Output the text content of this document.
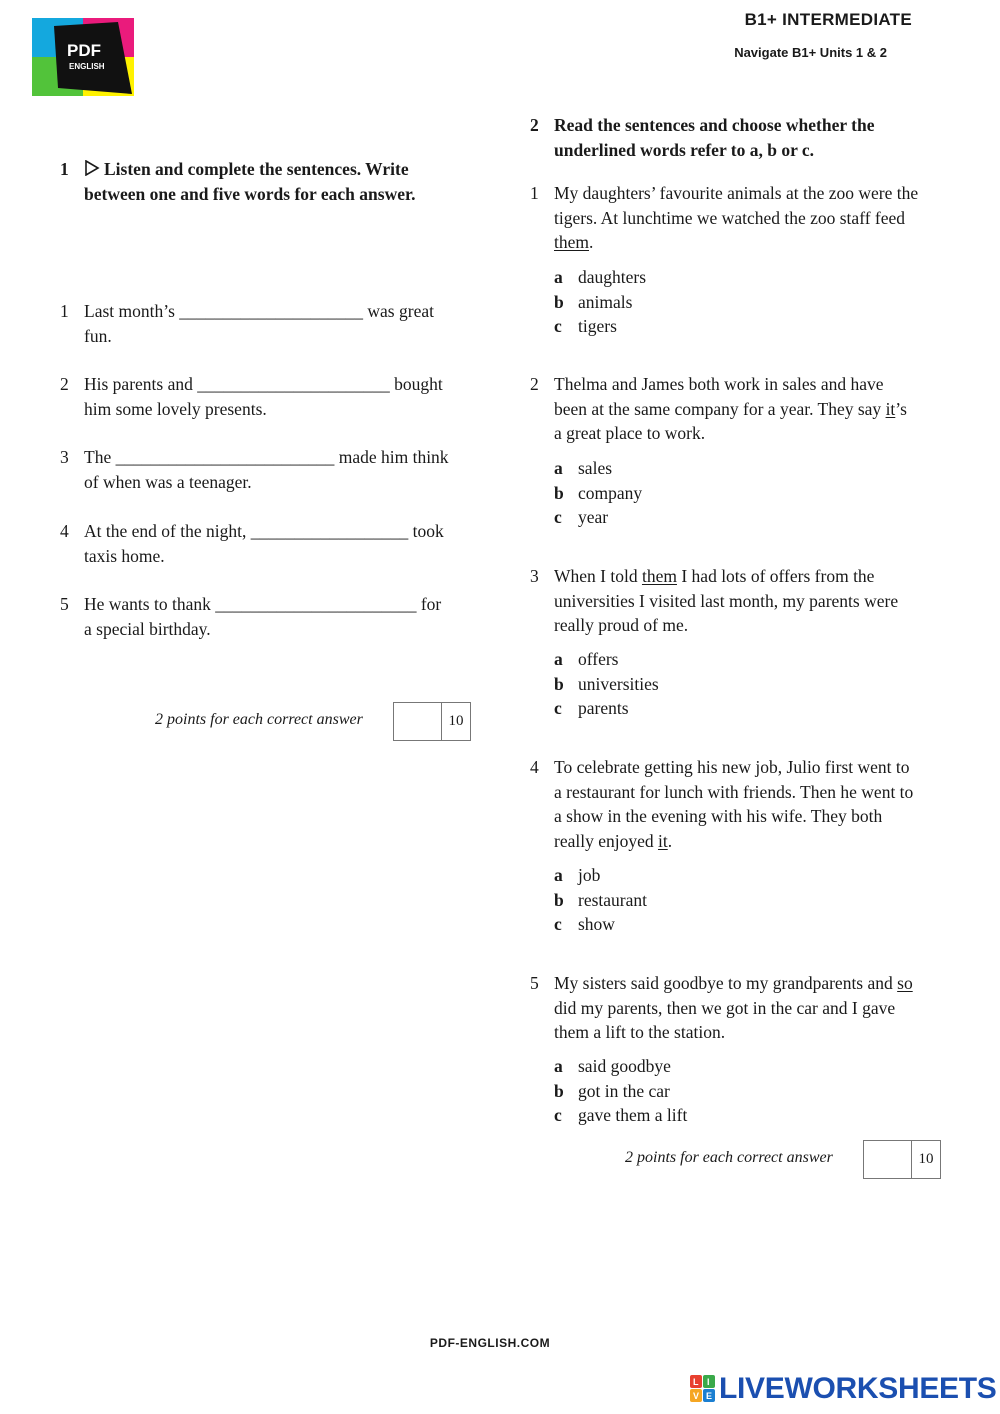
PDF
ENGLISH
B1+ INTERMEDIATE
Navigate B1+ Units 1 & 2
1	Listen and complete the sentences. Write
between one and five words for each answer.
1 Last month’s _____________________ was great
fun.
2 His parents and ______________________ bought
him some lovely presents.
3 The _________________________ made him think
of when was a teenager.
4 At the end of the night, __________________ took
taxis home.
5 He wants to thank _______________________ for
a special birthday.
2 points for each correct answer	10
2 Read the sentences and choose whether the
underlined words refer to a, b or c.
1 My daughters’ favourite animals at the zoo were the
tigers. At lunchtime we watched the zoo staff feed
them.
a daughters
b animals
c tigers
2 Thelma and James both work in sales and have
been at the same company for a year. They say it’s
a great place to work.
a sales
b company
c year
3 When I told them I had lots of offers from the
universities I visited last month, my parents were
really proud of me.
a offers
b universities
c parents
4 To celebrate getting his new job, Julio first went to
a restaurant for lunch with friends. Then he went to
a show in the evening with his wife. They both
really enjoyed it.
a job
b restaurant
c show
5 My sisters said goodbye to my grandparents and so
did my parents, then we got in the car and I gave
them a lift to the station.
a said goodbye
b got in the car
c gave them a lift
2 points for each correct answer	10
PDF-ENGLISH.COM
L I
V E LIVEWORKSHEETS
